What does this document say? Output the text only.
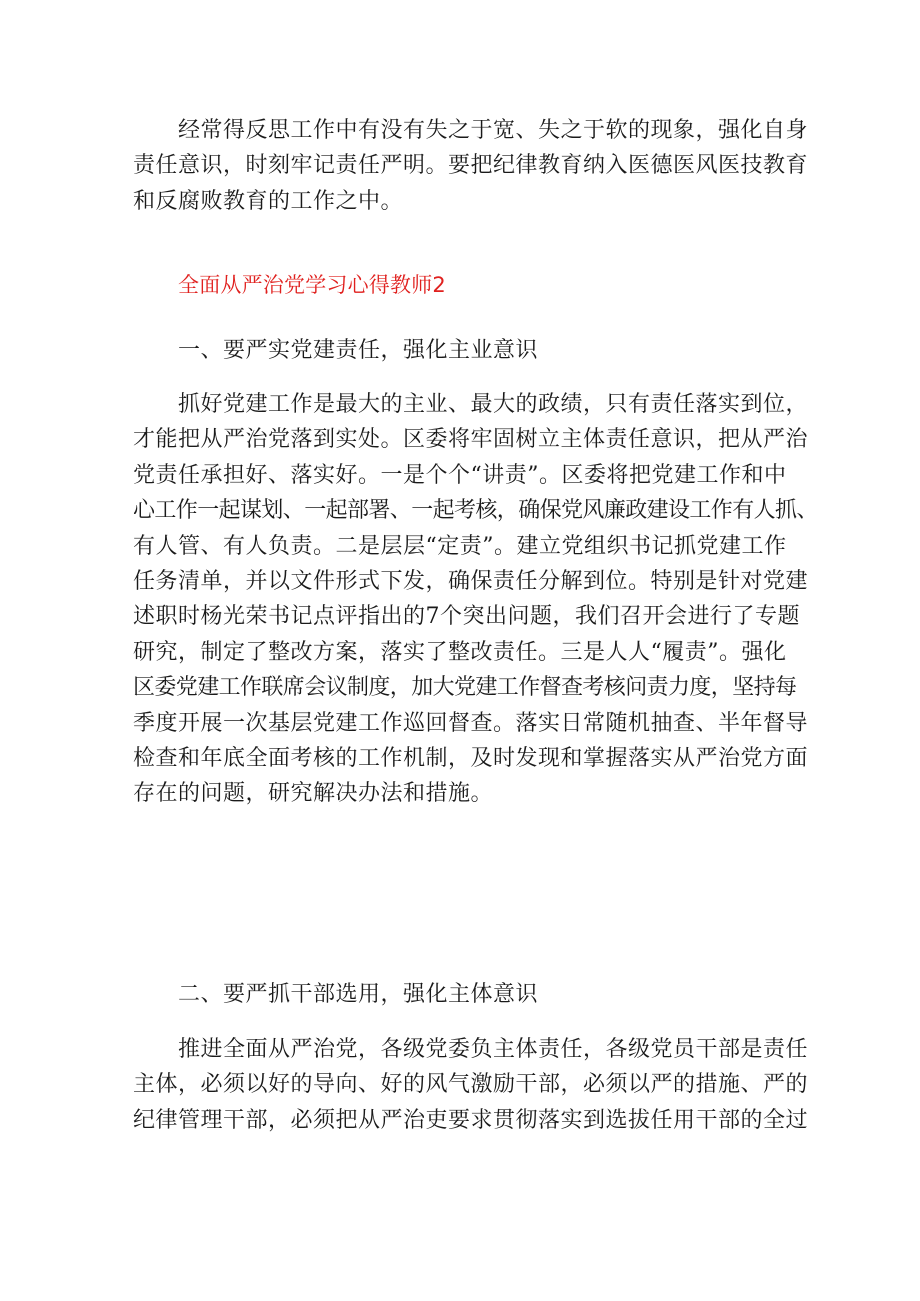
经常得反思工作中有没有失之于宽、失之于软的现象，强化自身
责任意识，时刻牢记责任严明。要把纪律教育纳入医德医风医技教育
和反腐败教育的工作之中。
全面从严治党学习心得教师2
一、要严实党建责任，强化主业意识
抓好党建工作是最大的主业、最大的政绩，只有责任落实到位，
才能把从严治党落到实处。区委将牢固树立主体责任意识，把从严治
党责任承担好、落实好。一是个个“讲责”。区委将把党建工作和中
心工作一起谋划、一起部署、一起考核，确保党风廉政建设工作有人抓、
有人管、有人负责。二是层层“定责”。建立党组织书记抓党建工作
任务清单，并以文件形式下发，确保责任分解到位。特别是针对党建
述职时杨光荣书记点评指出的7个突出问题，我们召开会进行了专题
研究，制定了整改方案，落实了整改责任。三是人人“履责”。强化
区委党建工作联席会议制度，加大党建工作督查考核问责力度，坚持每
季度开展一次基层党建工作巡回督查。落实日常随机抽查、半年督导
检查和年底全面考核的工作机制，及时发现和掌握落实从严治党方面
存在的问题，研究解决办法和措施。
二、要严抓干部选用，强化主体意识
推进全面从严治党，各级党委负主体责任，各级党员干部是责任
主体，必须以好的导向、好的风气激励干部，必须以严的措施、严的
纪律管理干部，必须把从严治吏要求贯彻落实到选拔任用干部的全过
